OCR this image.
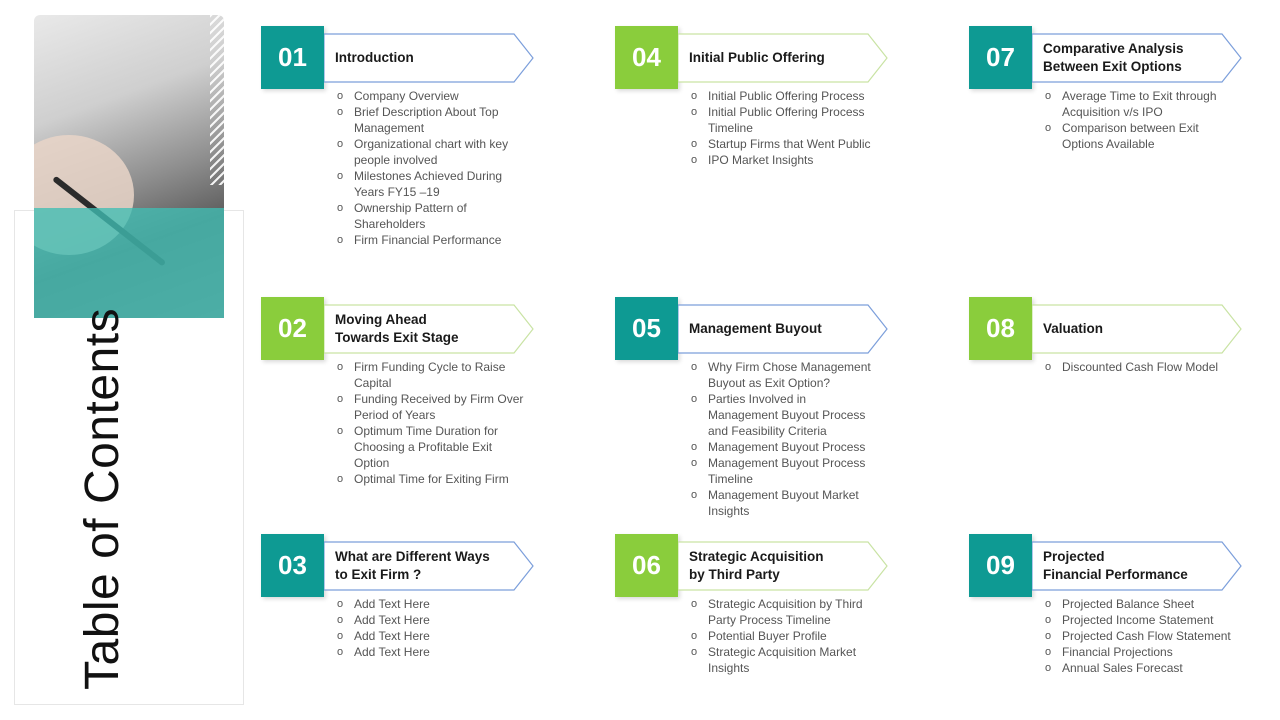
Table of Contents
01	Introduction
o Company Overview
o Brief Description About Top Management
o Organizational chart with key people involved
o Milestones Achieved During Years FY15 –19
o Ownership Pattern of Shareholders
o Firm Financial Performance
02	Moving Ahead
Towards Exit Stage
o Firm Funding Cycle to Raise Capital
o Funding Received by Firm Over Period of Years
o Optimum Time Duration for Choosing a Profitable Exit Option
o Optimal Time for Exiting Firm
03	What are Different Ways
to Exit Firm ?
o Add Text Here
o Add Text Here
o Add Text Here
o Add Text Here
04	Initial Public Offering
o Initial Public Offering Process
o Initial Public Offering Process Timeline
o Startup Firms that Went Public
o IPO Market Insights
05	Management Buyout
o Why Firm Chose Management Buyout as Exit Option?
o Parties Involved in Management Buyout Process and Feasibility Criteria
o Management Buyout Process
o Management Buyout Process Timeline
o Management Buyout Market Insights
06	Strategic Acquisition
by Third Party
o Strategic Acquisition by Third Party Process Timeline
o Potential Buyer Profile
o Strategic Acquisition Market Insights
07	Comparative Analysis
Between Exit Options
o Average Time to Exit through Acquisition v/s IPO
o Comparison between Exit Options Available
08	Valuation
o Discounted Cash Flow Model
09	Projected
Financial Performance
o Projected Balance Sheet
o Projected Income Statement
o Projected Cash Flow Statement
o Financial Projections
o Annual Sales Forecast
